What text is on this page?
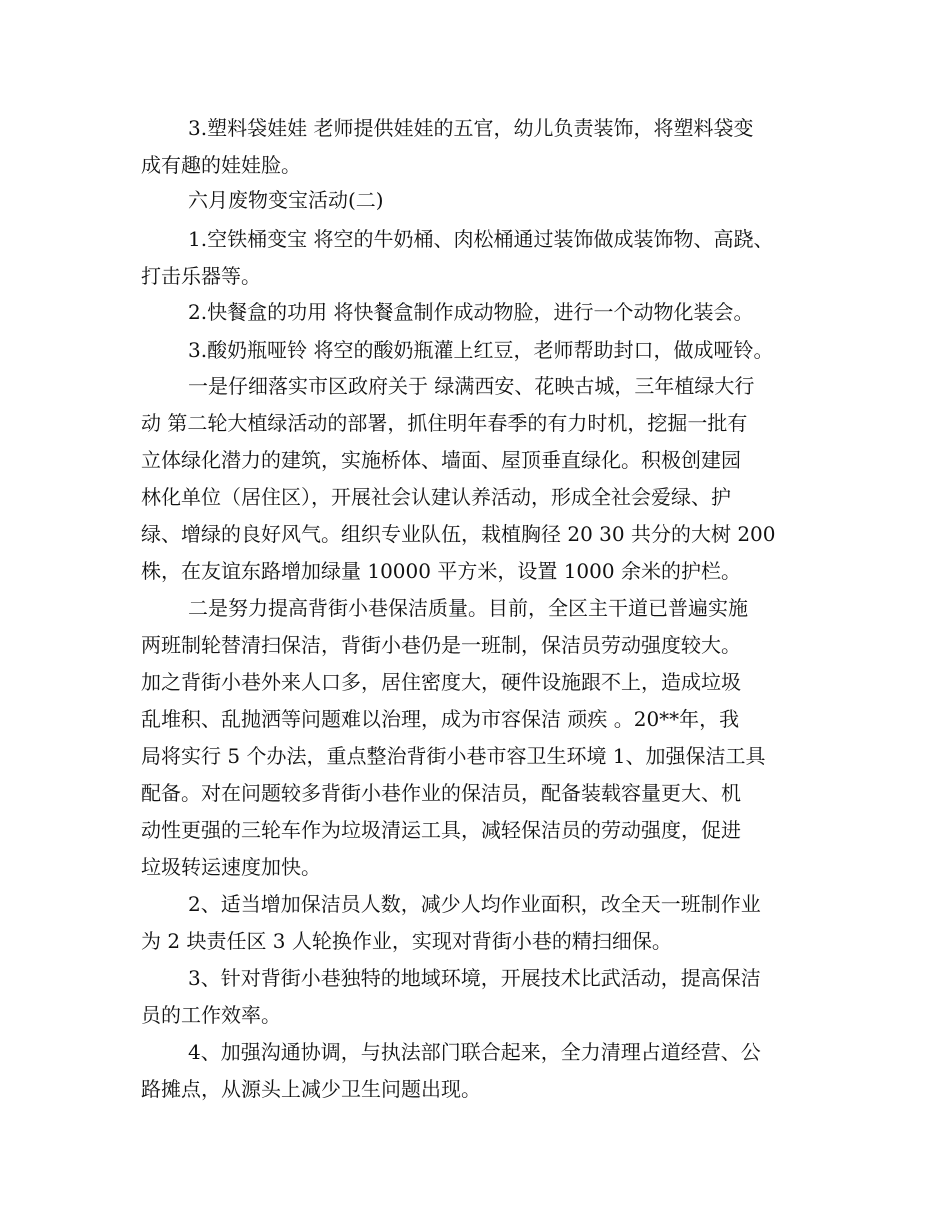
3.塑料袋娃娃 老师提供娃娃的五官，幼儿负责装饰，将塑料袋变
成有趣的娃娃脸。
六月废物变宝活动(二)
1.空铁桶变宝 将空的牛奶桶、肉松桶通过装饰做成装饰物、高跷、
打击乐器等。
2.快餐盒的功用 将快餐盒制作成动物脸，进行一个动物化装会。
3.酸奶瓶哑铃 将空的酸奶瓶灌上红豆，老师帮助封口，做成哑铃。
一是仔细落实市区政府关于 绿满西安、花映古城，三年植绿大行
动 第二轮大植绿活动的部署，抓住明年春季的有力时机，挖掘一批有
立体绿化潜力的建筑，实施桥体、墙面、屋顶垂直绿化。积极创建园
林化单位（居住区），开展社会认建认养活动，形成全社会爱绿、护
绿、增绿的良好风气。组织专业队伍，栽植胸径 20 30 共分的大树 200
株，在友谊东路增加绿量 10000 平方米，设置 1000 余米的护栏。
二是努力提高背街小巷保洁质量。目前，全区主干道已普遍实施
两班制轮替清扫保洁，背街小巷仍是一班制，保洁员劳动强度较大。
加之背街小巷外来人口多，居住密度大，硬件设施跟不上，造成垃圾
乱堆积、乱抛洒等问题难以治理，成为市容保洁 顽疾 。20**年，我
局将实行 5 个办法，重点整治背街小巷市容卫生环境 1、加强保洁工具
配备。对在问题较多背街小巷作业的保洁员，配备装载容量更大、机
动性更强的三轮车作为垃圾清运工具，减轻保洁员的劳动强度，促进
垃圾转运速度加快。
2、适当增加保洁员人数，减少人均作业面积，改全天一班制作业
为 2 块责任区 3 人轮换作业，实现对背街小巷的精扫细保。
3、针对背街小巷独特的地域环境，开展技术比武活动，提高保洁
员的工作效率。
4、加强沟通协调，与执法部门联合起来，全力清理占道经营、公
路摊点，从源头上减少卫生问题出现。
